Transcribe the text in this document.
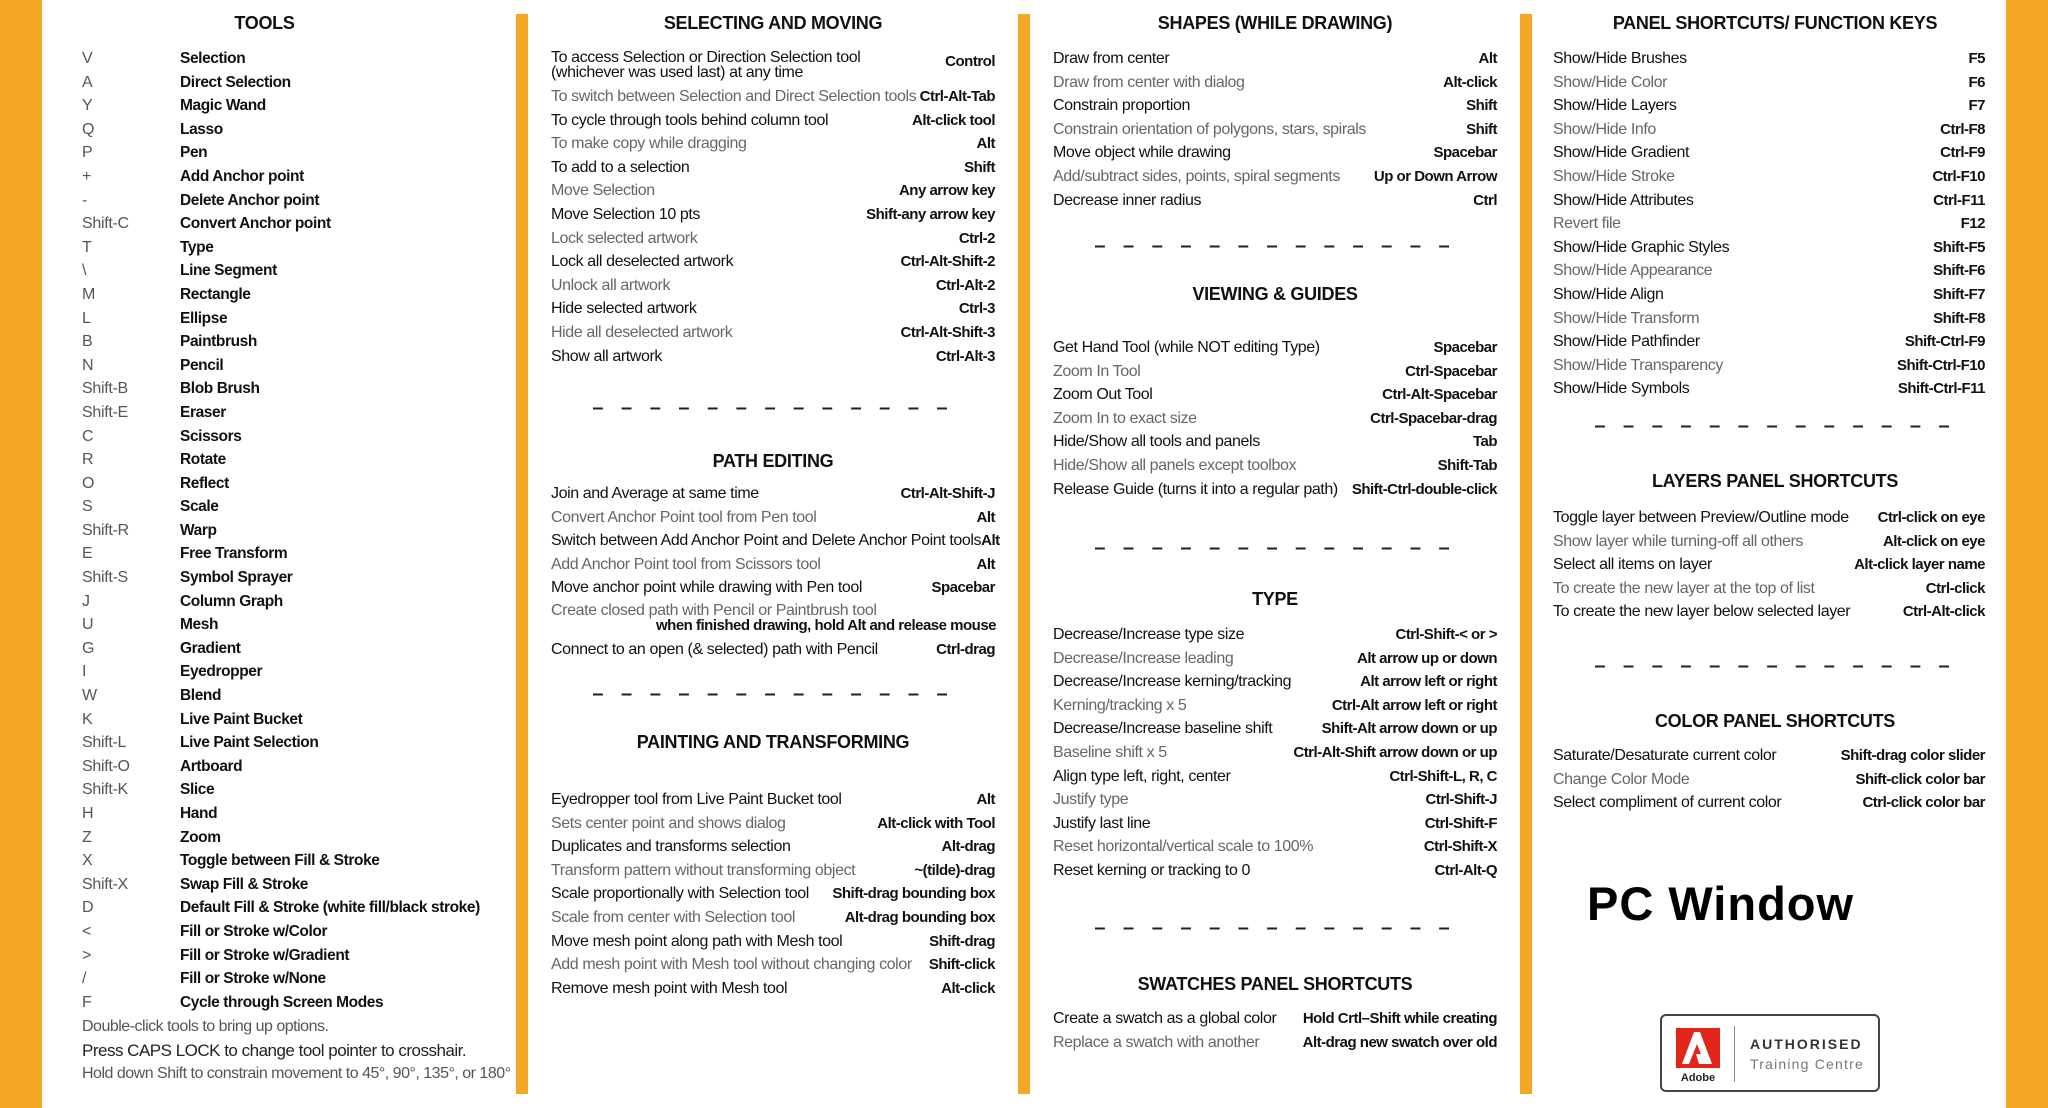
TOOLS

V	Selection
A	Direct Selection
Y	Magic Wand
Q	Lasso
P	Pen
+	Add Anchor point
-	Delete Anchor point
Shift-C	Convert Anchor point
T	Type
\	Line Segment
M	Rectangle
L	Ellipse
B	Paintbrush
N	Pencil
Shift-B	Blob Brush
Shift-E	Eraser
C	Scissors
R	Rotate
O	Reflect
S	Scale
Shift-R	Warp
E	Free Transform
Shift-S	Symbol Sprayer
J	Column Graph
U	Mesh
G	Gradient
I	Eyedropper
W	Blend
K	Live Paint Bucket
Shift-L	Live Paint Selection
Shift-O	Artboard
Shift-K	Slice
H	Hand
Z	Zoom
X	Toggle between Fill & Stroke
Shift-X	Swap Fill & Stroke
D	Default Fill & Stroke (white fill/black stroke)
<	Fill or Stroke w/Color
>	Fill or Stroke w/Gradient
/	Fill or Stroke w/None
F	Cycle through Screen Modes
Double-click tools to bring up options.
Press CAPS LOCK to change tool pointer to crosshair.
Hold down Shift to constrain movement to 45°, 90°, 135°, or 180°

SELECTING AND MOVING

To access Selection or Direction Selection tool
(whichever was used last) at any time
Control
To switch between Selection and Direct Selection tools Ctrl-Alt-Tab
To cycle through tools behind column tool	Alt-click tool
To make copy while dragging	Alt
To add to a selection	Shift
Move Selection	Any arrow key
Move Selection 10 pts	Shift-any arrow key
Lock selected artwork	Ctrl-2
Lock all deselected artwork	Ctrl-Alt-Shift-2
Unlock all artwork	Ctrl-Alt-2
Hide selected artwork	Ctrl-3
Hide all deselected artwork	Ctrl-Alt-Shift-3
Show all artwork	Ctrl-Alt-3

– – – – – – – – – – – – –

PATH EDITING

Join and Average at same time	Ctrl-Alt-Shift-J
Convert Anchor Point tool from Pen tool	Alt
Switch between Add Anchor Point and Delete Anchor Point tools Alt
Add Anchor Point tool from Scissors tool	Alt
Move anchor point while drawing with Pen tool	Spacebar
Create closed path with Pencil or Paintbrush tool
when finished drawing, hold Alt and release mouse
Connect to an open (& selected) path with Pencil	Ctrl-drag

– – – – – – – – – – – – –

PAINTING AND TRANSFORMING

Eyedropper tool from Live Paint Bucket tool	Alt
Sets center point and shows dialog	Alt-click with Tool
Duplicates and transforms selection	Alt-drag
Transform pattern without transforming object	~(tilde)-drag
Scale proportionally with Selection tool Shift-drag bounding box
Scale from center with Selection tool	Alt-drag bounding box
Move mesh point along path with Mesh tool	Shift-drag
Add mesh point with Mesh tool without changing color Shift-click
Remove mesh point with Mesh tool	Alt-click

SHAPES (WHILE DRAWING)

Draw from center	Alt
Draw from center with dialog	Alt-click
Constrain proportion	Shift
Constrain orientation of polygons, stars, spirals	Shift
Move object while drawing	Spacebar
Add/subtract sides, points, spiral segments Up or Down Arrow
Decrease inner radius	Ctrl

– – – – – – – – – – – – –

VIEWING & GUIDES

Get Hand Tool (while NOT editing Type)	Spacebar
Zoom In Tool	Ctrl-Spacebar
Zoom Out Tool	Ctrl-Alt-Spacebar
Zoom In to exact size	Ctrl-Spacebar-drag
Hide/Show all tools and panels	Tab
Hide/Show all panels except toolbox	Shift-Tab
Release Guide (turns it into a regular path) Shift-Ctrl-double-click

– – – – – – – – – – – – –

TYPE

Decrease/Increase type size	Ctrl-Shift-< or >
Decrease/Increase leading	Alt arrow up or down
Decrease/Increase kerning/tracking	Alt arrow left or right
Kerning/tracking x 5	Ctrl-Alt arrow left or right
Decrease/Increase baseline shift	Shift-Alt arrow down or up
Baseline shift x 5	Ctrl-Alt-Shift arrow down or up
Align type left, right, center	Ctrl-Shift-L, R, C
Justify type	Ctrl-Shift-J
Justify last line	Ctrl-Shift-F
Reset horizontal/vertical scale to 100%	Ctrl-Shift-X
Reset kerning or tracking to 0	Ctrl-Alt-Q

– – – – – – – – – – – – –

SWATCHES PANEL SHORTCUTS

Create a swatch as a global color Hold Crtl–Shift while creating
Replace a swatch with another	Alt-drag new swatch over old

PANEL SHORTCUTS/ FUNCTION KEYS

Show/Hide Brushes	F5
Show/Hide Color	F6
Show/Hide Layers	F7
Show/Hide Info	Ctrl-F8
Show/Hide Gradient	Ctrl-F9
Show/Hide Stroke	Ctrl-F10
Show/Hide Attributes	Ctrl-F11
Revert file	F12
Show/Hide Graphic Styles	Shift-F5
Show/Hide Appearance	Shift-F6
Show/Hide Align	Shift-F7
Show/Hide Transform	Shift-F8
Show/Hide Pathfinder	Shift-Ctrl-F9
Show/Hide Transparency	Shift-Ctrl-F10
Show/Hide Symbols	Shift-Ctrl-F11

– – – – – – – – – – – – –

LAYERS PANEL SHORTCUTS

Toggle layer between Preview/Outline mode Ctrl-click on eye
Show layer while turning-off all others	Alt-click on eye
Select all items on layer	Alt-click layer name
To create the new layer at the top of list	Ctrl-click
To create the new layer below selected layer	Ctrl-Alt-click

– – – – – – – – – – – – –

COLOR PANEL SHORTCUTS

Saturate/Desaturate current color	Shift-drag color slider
Change Color Mode	Shift-click color bar
Select compliment of current color	Ctrl-click color bar
PC Window
Adobe
AUTHORISED
Training Centre
